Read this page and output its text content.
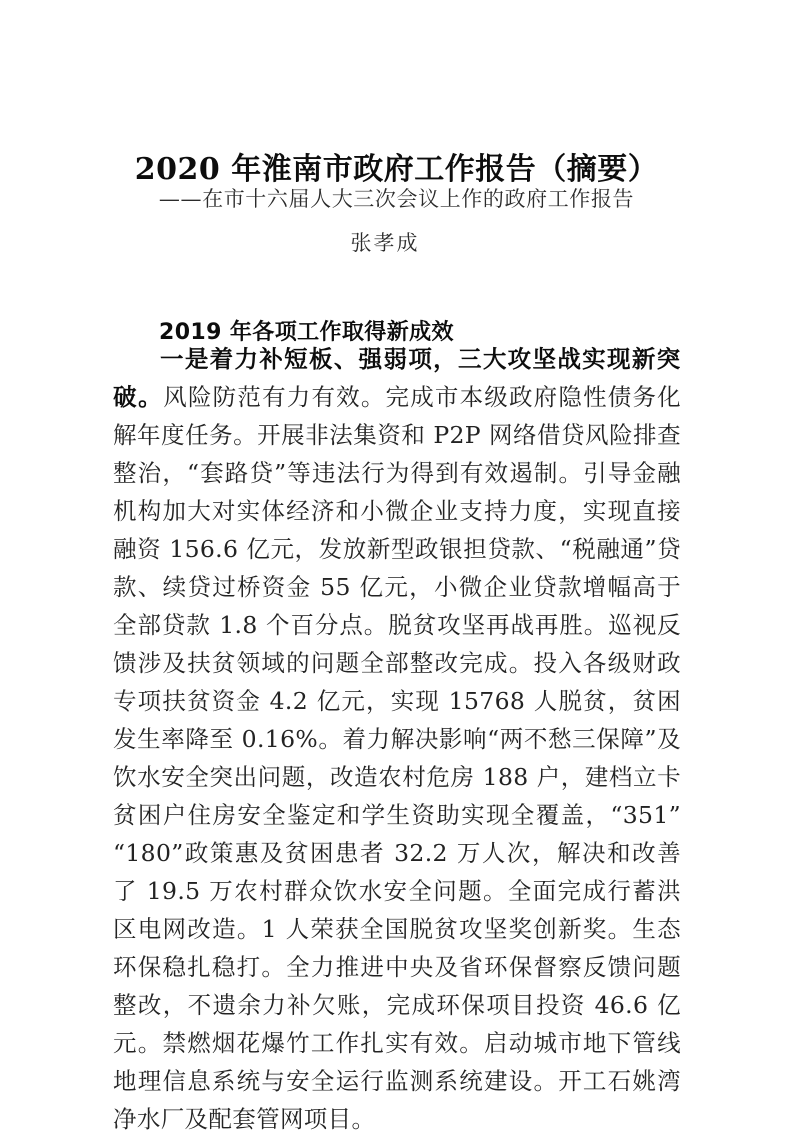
2020 年淮南市政府工作报告（摘要）
——在市十六届人大三次会议上作的政府工作报告
张孝成
2019 年各项工作取得新成效

一是着力补短板、强弱项，三大攻坚战实现新突破。风险防范有力有效。完成市本级政府隐性债务化解年度任务。开展非法集资和 P2P 网络借贷风险排查整治，“套路贷”等违法行为得到有效遏制。引导金融机构加大对实体经济和小微企业支持力度，实现直接融资 156.6 亿元，发放新型政银担贷款、“税融通”贷款、续贷过桥资金 55 亿元，小微企业贷款增幅高于全部贷款 1.8 个百分点。脱贫攻坚再战再胜。巡视反馈涉及扶贫领域的问题全部整改完成。投入各级财政专项扶贫资金 4.2 亿元，实现 15768 人脱贫，贫困发生率降至 0.16%。着力解决影响“两不愁三保障”及饮水安全突出问题，改造农村危房 188 户，建档立卡贫困户住房安全鉴定和学生资助实现全覆盖，“351”“180”政策惠及贫困患者 32.2 万人次，解决和改善了 19.5 万农村群众饮水安全问题。全面完成行蓄洪区电网改造。1 人荣获全国脱贫攻坚奖创新奖。生态环保稳扎稳打。全力推进中央及省环保督察反馈问题整改，不遗余力补欠账，完成环保项目投资 46.6 亿元。禁燃烟花爆竹工作扎实有效。启动城市地下管线地理信息系统与安全运行监测系统建设。开工石姚湾净水厂及配套管网项目。
